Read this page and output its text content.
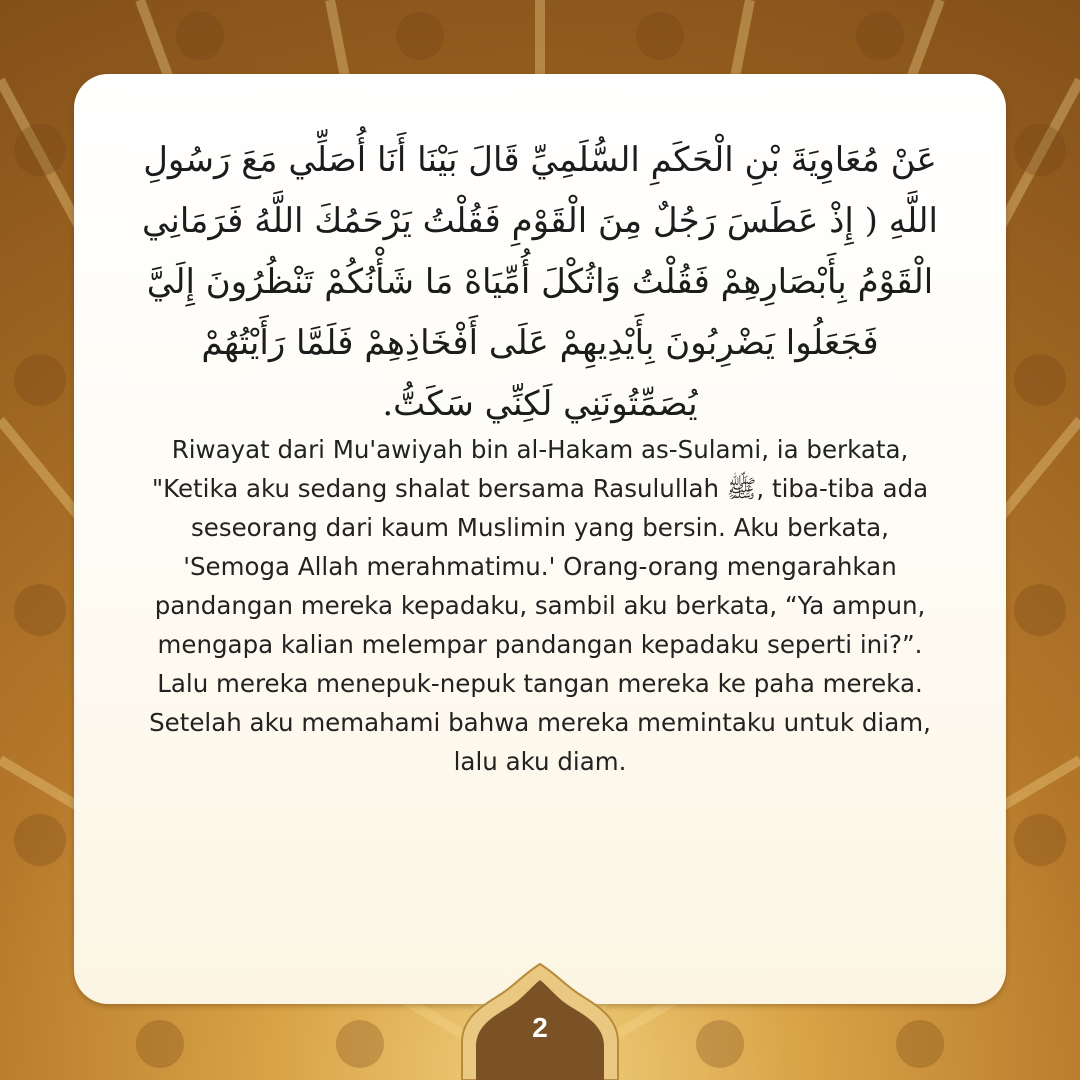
عَنْ مُعَاوِيَةَ بْنِ الْحَكَمِ السُّلَمِيِّ قَالَ بَيْنَا أَنَا أُصَلِّي مَعَ رَسُولِ اللَّهِ ( إِذْ عَطَسَ رَجُلٌ مِنَ الْقَوْمِ فَقُلْتُ يَرْحَمُكَ اللَّهُ فَرَمَانِي الْقَوْمُ بِأَبْصَارِهِمْ فَقُلْتُ وَاثُكْلَ أُمِّيَاهْ مَا شَأْنُكُمْ تَنْظُرُونَ إِلَيَّ فَجَعَلُوا يَضْرِبُونَ بِأَيْدِيهِمْ عَلَى أَفْخَاذِهِمْ فَلَمَّا رَأَيْتُهُمْ يُصَمِّتُونَنِي لَكِنِّي سَكَتُّ.
Riwayat dari Mu'awiyah bin al-Hakam as-Sulami, ia berkata, "Ketika aku sedang shalat bersama Rasulullah ﷺ, tiba-tiba ada seseorang dari kaum Muslimin yang bersin. Aku berkata, 'Semoga Allah merahmatimu.' Orang-orang mengarahkan pandangan mereka kepadaku, sambil aku berkata, “Ya ampun, mengapa kalian melempar pandangan kepadaku seperti ini?”. Lalu mereka menepuk-nepuk tangan mereka ke paha mereka. Setelah aku memahami bahwa mereka memintaku untuk diam, lalu aku diam.
2
